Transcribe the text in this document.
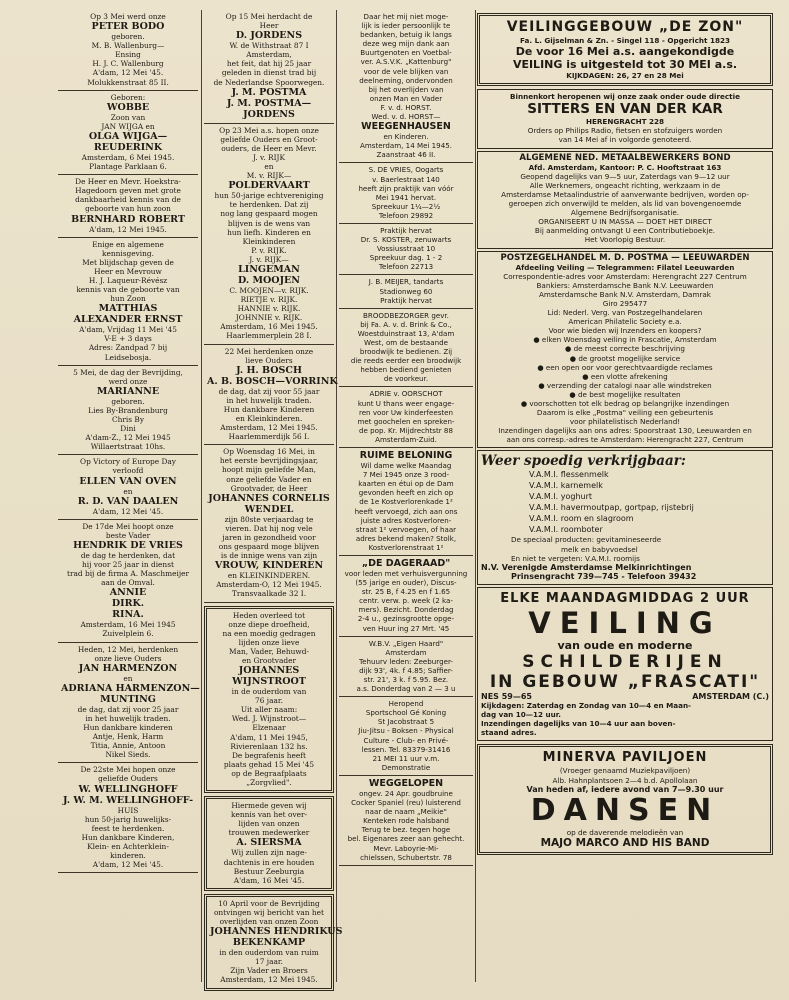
Op 3 Mei werd onze
PETER BODO
geboren.
M. B. Wallenburg—
Ensing
H. J. C. Wallenburg
A'dam, 12 Mei '45.
Molukkenstraat 85 II.
Geboren:
WOBBE
Zoon van
JAN WIJGA en
OLGA WIJGA—
REUDERINK
Amsterdam, 6 Mei 1945.
Plantage Parklaan 6.
De Heer en Mevr. Hoekstra-
Hagedoorn geven met grote
dankbaarheid kennis van de
geboorte van hun zoon
BERNHARD ROBERT
A'dam, 12 Mei 1945.
Enige en algemene
kennisgeving.
Met blijdschap geven de
Heer en Mevrouw
H. J. Laqueur-Révész
kennis van de geboorte van
hun Zoon
MATTHIAS
ALEXANDER ERNST
A'dam, Vrijdag 11 Mei '45
V-E + 3 days
Adres: Zandpad 7 bij
Leidsebosja.
5 Mei, de dag der Bevrijding,
werd onze
MARIANNE
geboren.
Lies By-Brandenburg
Chris By
Dini
A'dam-Z., 12 Mei 1945
Willaertstraat 10hs.
Op Victory of Europe Day
verloofd
ELLEN VAN OVEN
en
R. D. VAN DAALEN
A'dam, 12 Mei '45.
De 17de Mei hoopt onze
beste Vader
HENDRIK DE VRIES
de dag te herdenken, dat
hij voor 25 jaar in dienst
trad bij de firma A. Maschmeijer
aan de Omval.
ANNIE
DIRK.
RINA.
Amsterdam, 16 Mei 1945
Zuivelplein 6.
Heden, 12 Mei, herdenken
onze lieve Ouders
JAN HARMENZON
en
ADRIANA HARMENZON—
MUNTING
de dag, dat zij voor 25 jaar
in het huwelijk traden.
Hun dankbare kinderen
Antje, Henk, Harm
Titia, Annie, Antoon
Nikel Sieds.
De 22ste Mei hopen onze
geliefde Ouders
W. WELLINGHOFF
J. W. M. WELLINGHOFF-
HUIS
hun 50-jarig huwelijks-
feest te herdenken.
Hun dankbare Kinderen,
Klein- en Achterklein-
kinderen.
A'dam, 12 Mei '45.
Op 15 Mei herdacht de
Heer
D. JORDENS
W. de Withstraat 87 I
Amsterdam,
het feit, dat hij 25 jaar
geleden in dienst trad bij
de Nederlandse Spoorwegen.
J. M. POSTMA
J. M. POSTMA—
JORDENS
Op 23 Mei a.s. hopen onze
geliefde Ouders en Groot-
ouders, de Heer en Mevr.
J. v. RIJK
en
M. v. RIJK—
POLDERVAART
hun 50-jarige echtvereniging
te herdenken. Dat zij
nog lang gespaard mogen
blijven is de wens van
hun liefh. Kinderen en
Kleinkinderen
P. v. RIJK.
J. v. RIJK—
LINGEMAN
D. MOOJEN
C. MOOJEN—v. RIJK.
RIETJE v. RIJK.
HANNIE v. RIJK.
JOHNNIE v. RIJK.
Amsterdam, 16 Mei 1945.
Haarlemmerplein 28 I.
22 Mei herdenken onze
lieve Ouders
J. H. BOSCH
A. B. BOSCH—VORRINK
de dag, dat zij voor 55 jaar
in het huwelijk traden.
Hun dankbare Kinderen
en Kleinkinderen.
Amsterdam, 12 Mei 1945.
Haarlemmerdijk 56 I.
Op Woensdag 16 Mei, in
het eerste bevrijdingsjaar,
hoopt mijn geliefde Man,
onze geliefde Vader en
Grootvader, de Heer
JOHANNES CORNELIS
WENDEL
zijn 80ste verjaardag te
vieren. Dat hij nog vele
jaren in gezondheid voor
ons gespaard moge blijven
is de innige wens van zijn
VROUW, KINDEREN
en KLEINKINDEREN.
Amsterdam-O, 12 Mei 1945.
Transvaalkade 32 I.
Heden overleed tot
onze diepe droefheid,
na een moedig gedragen
lijden onze lieve
Man, Vader, Behuwd-
en Grootvader
JOHANNES
WIJNSTROOT
in de ouderdom van
76 jaar.
Uit aller naam:
Wed. J. Wijnstroot—
Elzenaar
A'dam, 11 Mei 1945,
Rivierenlaan 132 hs.
De begrafenis heeft
plaats gehad 15 Mei '45
op de Begraafplaats
„Zorgvlied".
Hiermede geven wij
kennis van het over-
lijden van onzen
trouwen medewerker
A. SIERSMA
Wij zullen zijn nage-
dachtenis in ere houden
Bestuur Zeeburgia
A'dam, 16 Mei '45.
10 April voor de Bevrijding
ontvingen wij bericht van het
overlijden van onzen Zoon
JOHANNES HENDRIKUS
BEKENKAMP
in den ouderdom van ruim
17 jaar.
Zijn Vader en Broers
Amsterdam, 12 Mei 1945.
Daar het mij niet moge-
lijk is ieder persoonlijk te
bedanken, betuig ik langs
deze weg mijn dank aan
Buurtgenoten en Voetbal-
ver. A.S.V.K. „Kattenburg"
voor de vele blijken van
deelneming, ondervonden
bij het overlijden van
onzen Man en Vader
F. v. d. HORST.
Wed. v. d. HORST—
WEEGENHAUSEN
en Kinderen.
Amsterdam, 14 Mei 1945.
Zaanstraat 46 II.
S. DE VRIES, Oogarts
v. Baerlestraat 140
heeft zijn praktijk van vóór
Mei 1941 hervat.
Spreekuur 1¼—2½
Telefoon 29892
Praktijk hervat
Dr. S. KOSTER, zenuwarts
Vossiusstraat 10
Spreekuur dag. 1 - 2
Telefoon 22713
J. B. MEIJER, tandarts
Stadionweg 60
Praktijk hervat
BROODBEZORGER gevr.
bij Fa. A. v. d. Brink & Co.,
Woestduinstraat 13, A'dam
West, om de bestaande
broodwijk te bedienen. Zij
die reeds eerder een broodwijk
hebben bediend genieten
de voorkeur.
ADRIE v. OORSCHOT
kunt U thans weer engage-
ren voor Uw kinderfeesten
met goochelen en spreken-
de pop. Kr. Mijdrechtstr 88
Amsterdam-Zuid.
RUIME BELONING
Wil dame welke Maandag
7 Mei 1945 onze 3 rood-
kaarten en étui op de Dam
gevonden heeft en zich op
de 1e Kostverlorenkade 1²
heeft vervoegd, zich aan ons
juiste adres Kostverloren-
straat 1² vervoegen, of haar
adres bekend maken? Stolk,
Kostverlorenstraat 1²
„DE DAGERAAD"
voor leden met verhuisvergunning
(55 jarige en ouder), Discus-
str. 25 B, f 4.25 en f 1.65
centr. verw. p. week (2 ka-
mers). Bezicht. Donderdag
2-4 u., gezinsgrootte opge-
ven Huur ing 27 Mrt. '45
W.B.V. „Eigen Haard"
Amsterdam
Tehuurv leden: Zeeburger-
dijk 93', 4k. f 4.85; Saffier-
str. 21', 3 k. f 5.95. Bez.
a.s. Donderdag van 2 — 3 u
Heropend
Sportschool Gé Koning
St Jacobstraat 5
Jiu-Jitsu - Boksen - Physical
Culture - Club- en Privé-
lessen. Tel. 83379-31416
21 MEI 11 uur v.m.
Demonstratie
WEGGELOPEN
ongev. 24 Apr. goudbruine
Cocker Spaniel (reu) luisterend
naar de naam „Meikie"
Kenteken rode halsband
Terug te bez. tegen hoge
bel. Eigenares zeer aan gehecht.
Mevr. Laboyrie-Mi-
chielssen, Schubertstr. 78
VEILINGGEBOUW „DE ZON"
Fa. L. Gijselman & Zn. - Singel 118 - Opgericht 1823
De voor 16 Mei a.s. aangekondigde
VEILING is uitgesteld tot 30 MEI a.s.
KIJKDAGEN: 26, 27 en 28 Mei
Binnenkort heropenen wij onze zaak onder oude directie
SITTERS EN VAN DER KAR
HERENGRACHT 228
Orders op Philips Radio, fietsen en stofzuigers worden
van 14 Mei af in volgorde genoteerd.
ALGEMENE NED. METAALBEWERKERS BOND
Afd. Amsterdam, Kantoor: P. C. Hooftstraat 163
Geopend dagelijks van 9—5 uur, Zaterdags van 9—12 uur
Alle Werknemers, ongeacht richting, werkzaam in de
Amsterdamse Metaalindustrie of aanverwante bedrijven, worden op-
geroepen zich onverwijld te melden, als lid van bovengenoemde
Algemene Bedrijfsorganisatie.
ORGANISEERT U IN MASSA — DOET HET DIRECT
Bij aanmelding ontvangt U een Contributieboekje.
Het Voorlopig Bestuur.
POSTZEGELHANDEL M. D. POSTMA — LEEUWARDEN
Afdeeling Veiling — Telegrammen: Filatel Leeuwarden
Correspondentie-adres voor Amsterdam: Herengracht 227 Centrum
Bankiers: Amsterdamsche Bank N.V. Leeuwarden
Amsterdamsche Bank N.V. Amsterdam, Damrak
Giro 295477
Lid: Nederl. Verg. van Postzegelhandelaren
American Philatelic Society e.a.
Voor wie bieden wij Inzenders en koopers?
● elken Woensdag veiling in Frascatie, Amsterdam
● de meest correcte beschrijving
● de grootst mogelijke service
● een open oor voor gerechtvaardigde reclames
● een vlotte afrekening
● verzending der catalogi naar alle windstreken
● de best mogelijke resultaten
● voorschotten tot elk bedrag op belangrijke inzendingen
Daarom is elke „Postma" veiling een gebeurtenis
voor philatelistisch Nederland!
Inzendingen dagelijks aan ons adres: Spoorstraat 130, Leeuwarden en
aan ons corresp.-adres te Amsterdam: Herengracht 227, Centrum
Weer spoedig verkrijgbaar:
V.A.M.I. flessenmelk
V.A.M.I. karnemelk
V.A.M.I. yoghurt
V.A.M.I. havermoutpap, gortpap, rijstebrij
V.A.M.I. room en slagroom
V.A.M.I. roomboter
De speciaal producten: gevitamineseerde
melk en babyvoedsel
En niet te vergeten: V.A.M.I. roomijs
N.V. Verenigde Amsterdamse Melkinrichtingen
Prinsengracht 739—745 - Telefoon 39432
ELKE MAANDAGMIDDAG 2 UUR
VEILING
van oude en moderne
SCHILDERIJEN
IN GEBOUW „FRASCATI"
NES 59—65	AMSTERDAM (C.)
Kijkdagen: Zaterdag en Zondag van 10—4 en Maan-
dag van 10—12 uur.
Inzendingen dagelijks van 10—4 uur aan boven-
staand adres.
MINERVA PAVILJOEN
(Vroeger genaamd Muziekpaviljoen)
Alb. Hahnplantsoen 2—4 b.d. Apollolaan
Van heden af, iedere avond van 7—9.30 uur
DANSEN
op de daverende melodieën van
MAJO MARCO AND HIS BAND
